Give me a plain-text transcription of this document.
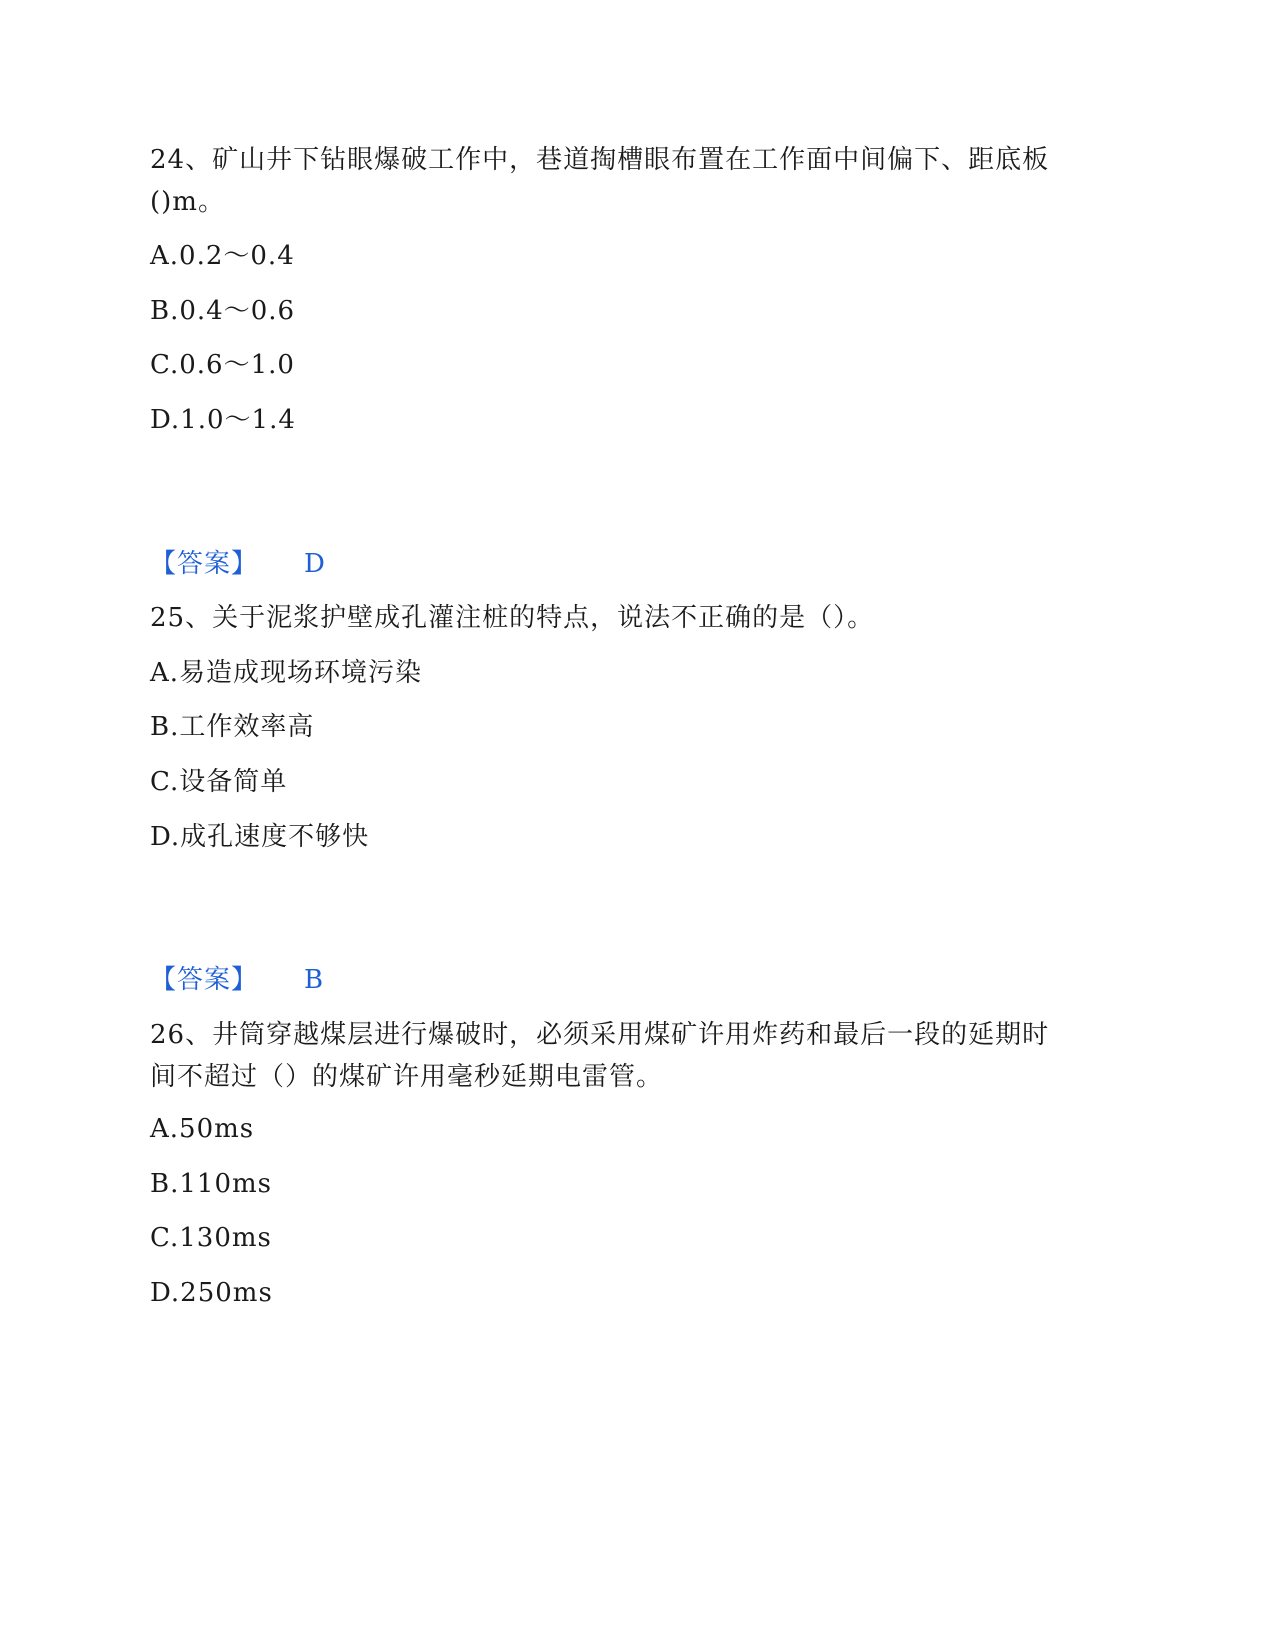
24、矿山井下钻眼爆破工作中，巷道掏槽眼布置在工作面中间偏下、距底板
()m。
A.0.2～0.4
B.0.4～0.6
C.0.6～1.0
D.1.0～1.4
【答案】 D
25、关于泥浆护壁成孔灌注桩的特点，说法不正确的是（）。
A.易造成现场环境污染
B.工作效率高
C.设备简单
D.成孔速度不够快
【答案】 B
26、井筒穿越煤层进行爆破时，必须采用煤矿许用炸药和最后一段的延期时
间不超过（）的煤矿许用毫秒延期电雷管。
A.50ms
B.110ms
C.130ms
D.250ms
